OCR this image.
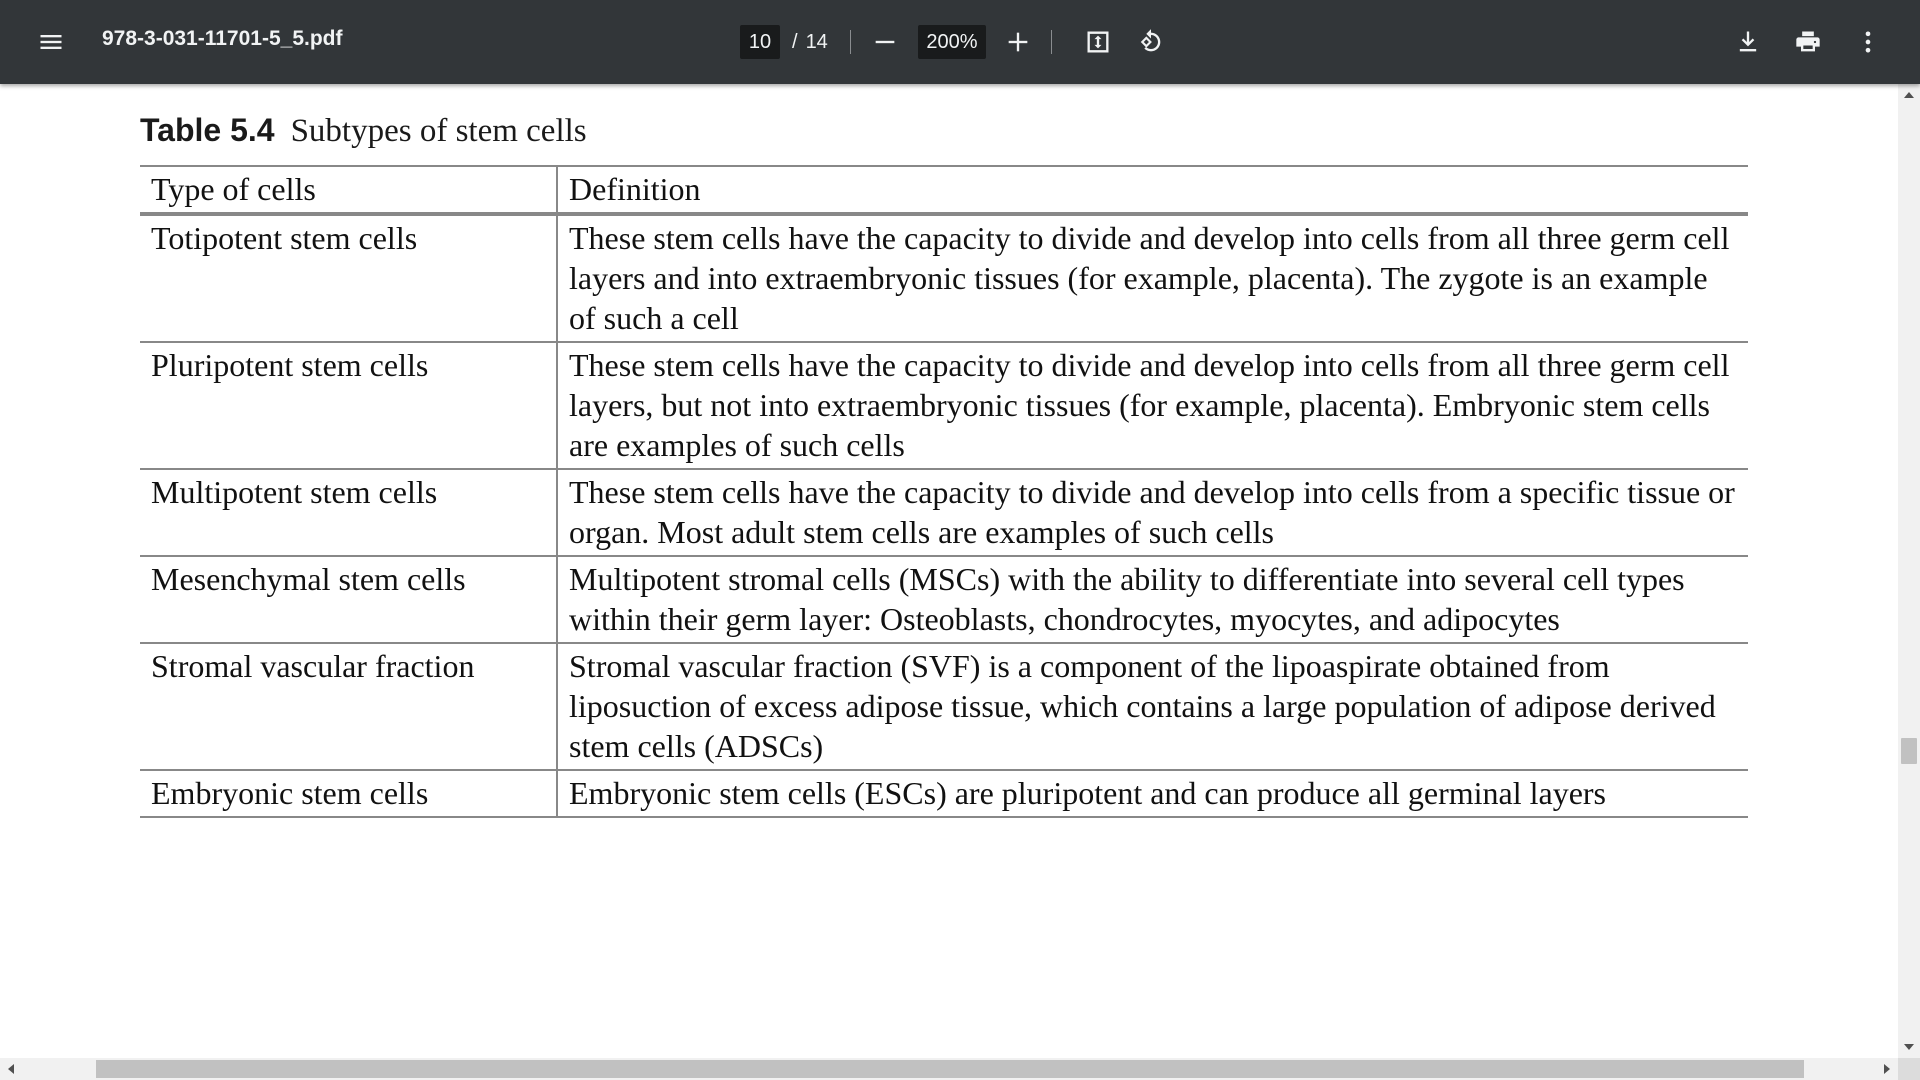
978-3-031-11701-5_5.pdf
10	/ 14
200%
Table 5.4 Subtypes of stem cells
Type of cells	Definition
Totipotent stem cells	These stem cells have the capacity to divide and develop into cells from all three germ cell layers and into extraembryonic tissues (for example, placenta). The zygote is an example of such a cell
Pluripotent stem cells	These stem cells have the capacity to divide and develop into cells from all three germ cell layers, but not into extraembryonic tissues (for example, placenta). Embryonic stem cells are examples of such cells
Multipotent stem cells	These stem cells have the capacity to divide and develop into cells from a specific tissue or organ. Most adult stem cells are examples of such cells
Mesenchymal stem cells	Multipotent stromal cells (MSCs) with the ability to differentiate into several cell types within their germ layer: Osteoblasts, chondrocytes, myocytes, and adipocytes
Stromal vascular fraction	Stromal vascular fraction (SVF) is a component of the lipoaspirate obtained from liposuction of excess adipose tissue, which contains a large population of adipose derived stem cells (ADSCs)
Embryonic stem cells	Embryonic stem cells (ESCs) are pluripotent and can produce all germinal layers
